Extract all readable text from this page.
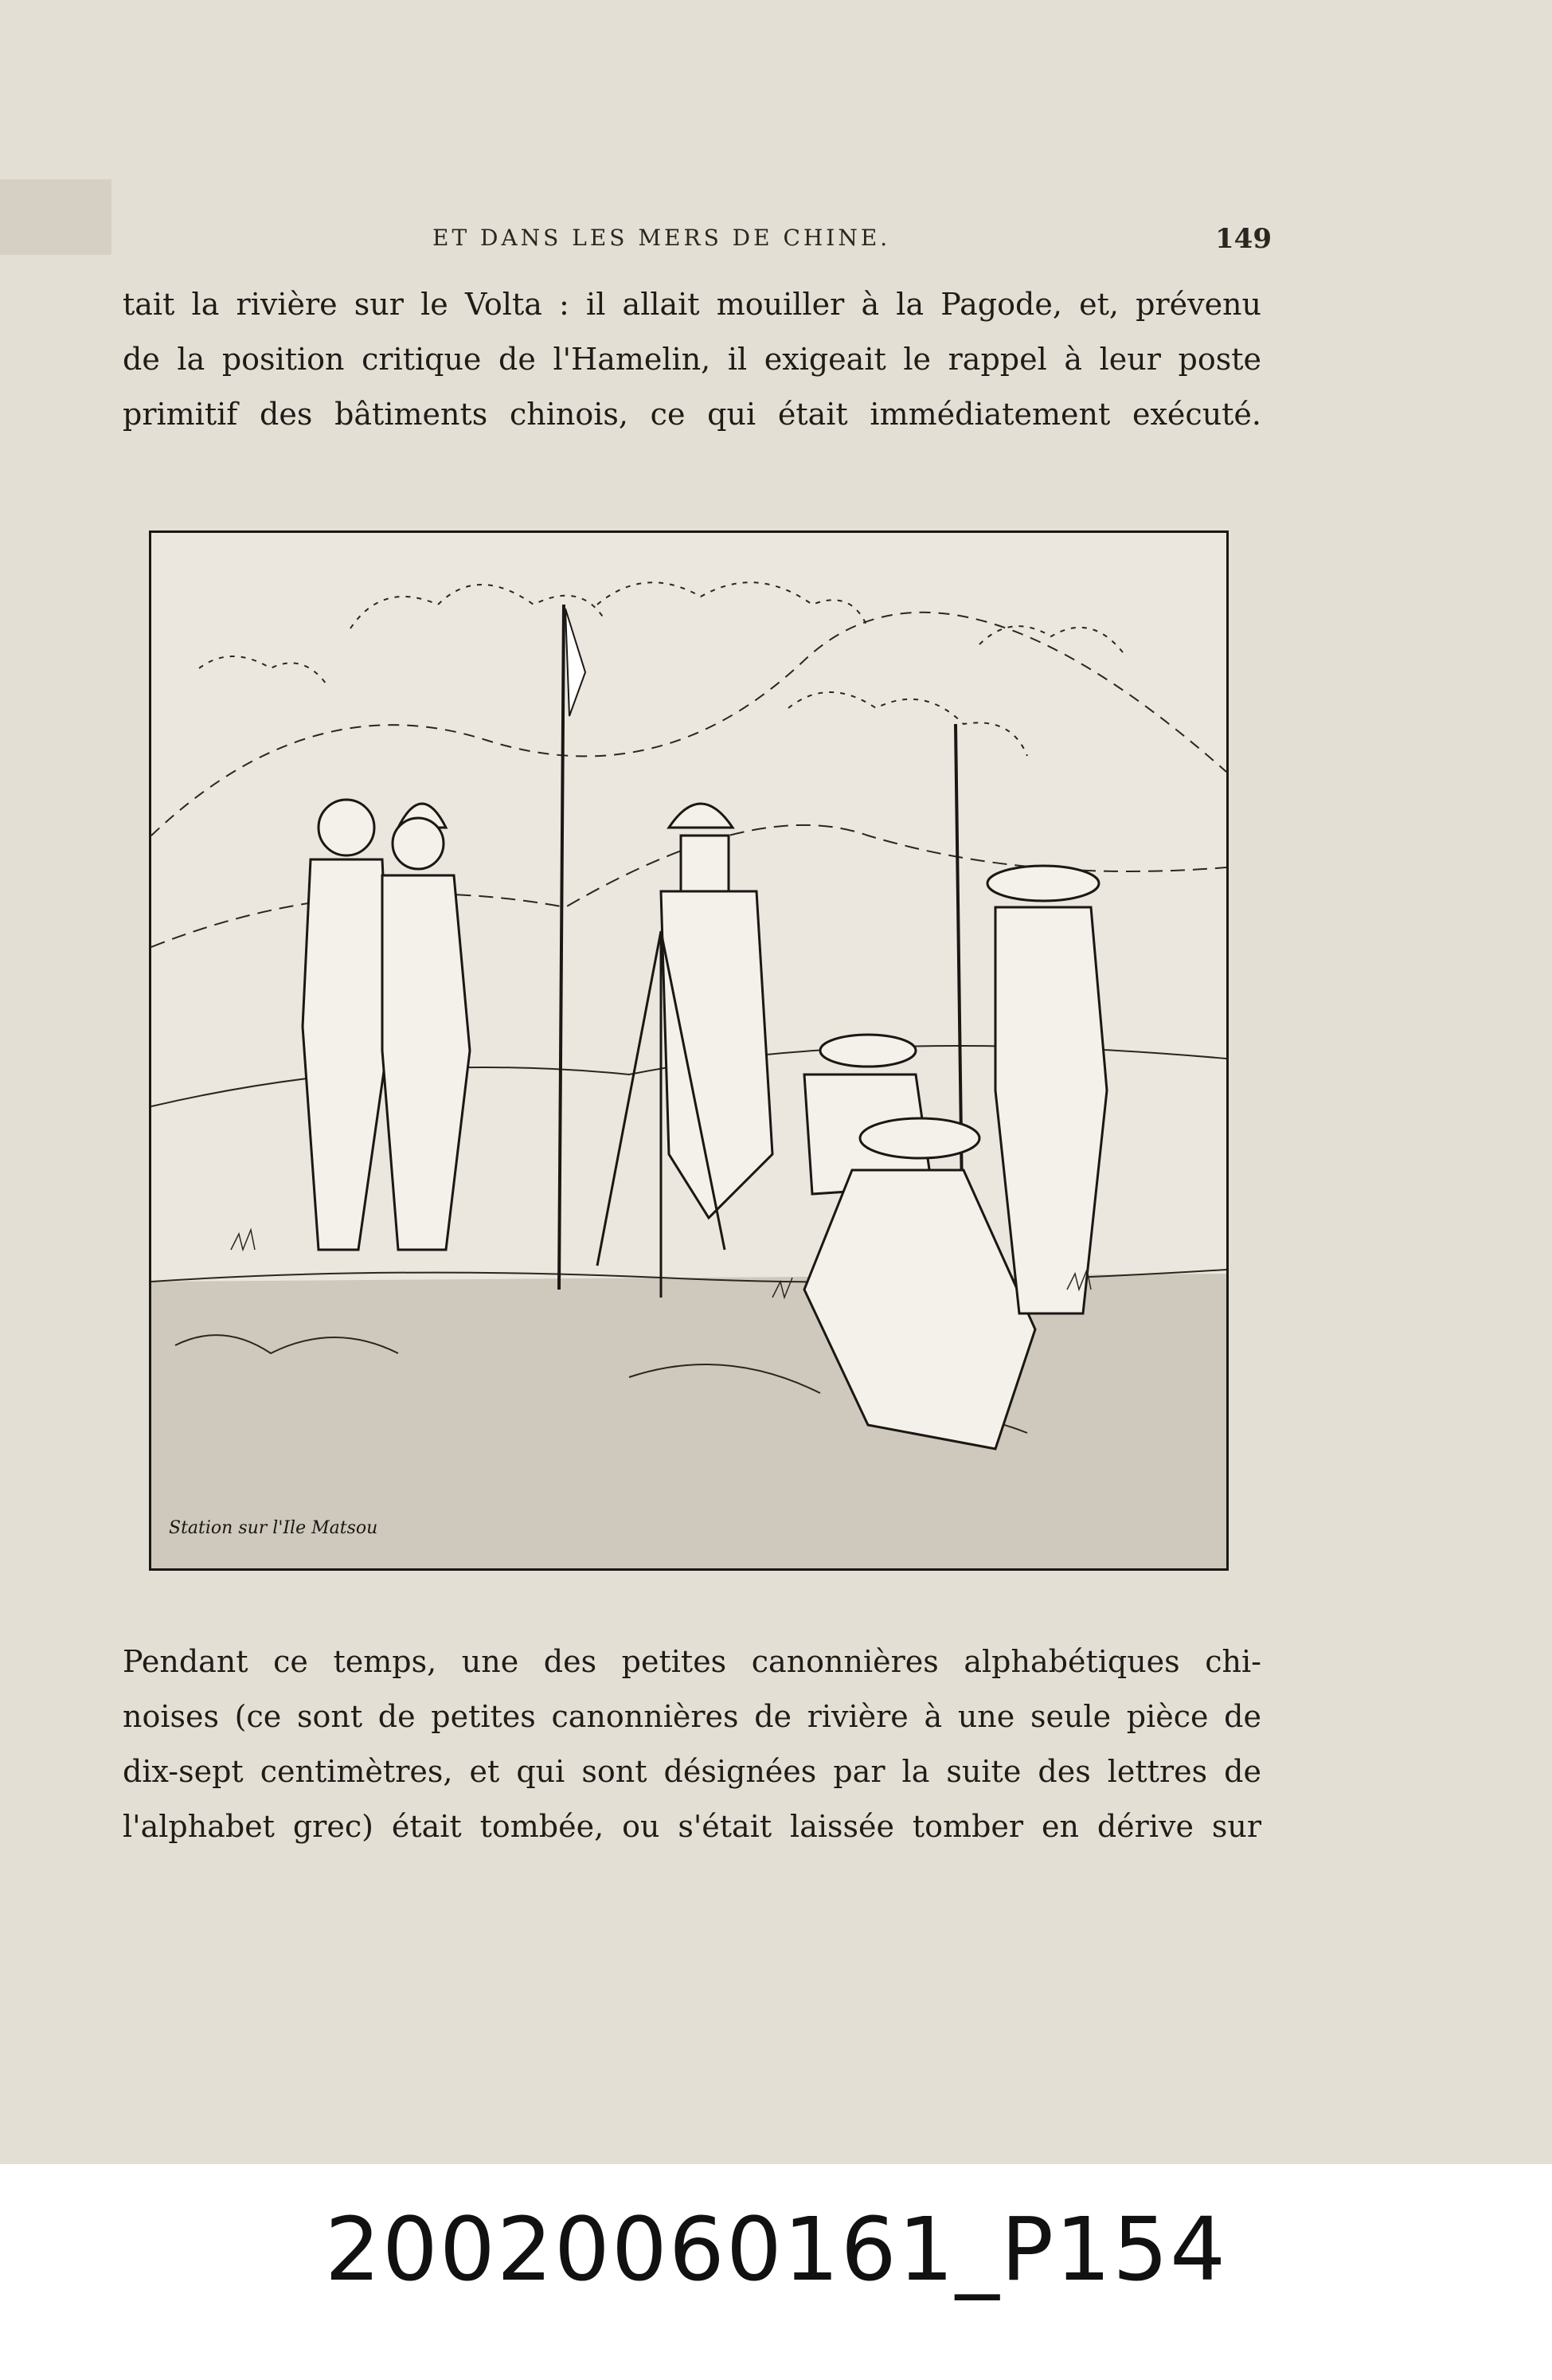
ET DANS LES MERS DE CHINE.	149
tait la rivière sur le Volta : il allait mouiller à la Pagode, et, prévenu
de la position critique de l'Hamelin, il exigeait le rappel à leur poste
primitif des bâtiments chinois, ce qui était immédiatement exécuté.
Station sur l'Ile Matsou
Pendant ce temps, une des petites canonnières alphabétiques chi-
noises (ce sont de petites canonnières de rivière à une seule pièce de
dix-sept centimètres, et qui sont désignées par la suite des lettres de
l'alphabet grec) était tombée, ou s'était laissée tomber en dérive sur
20020060161_P154
